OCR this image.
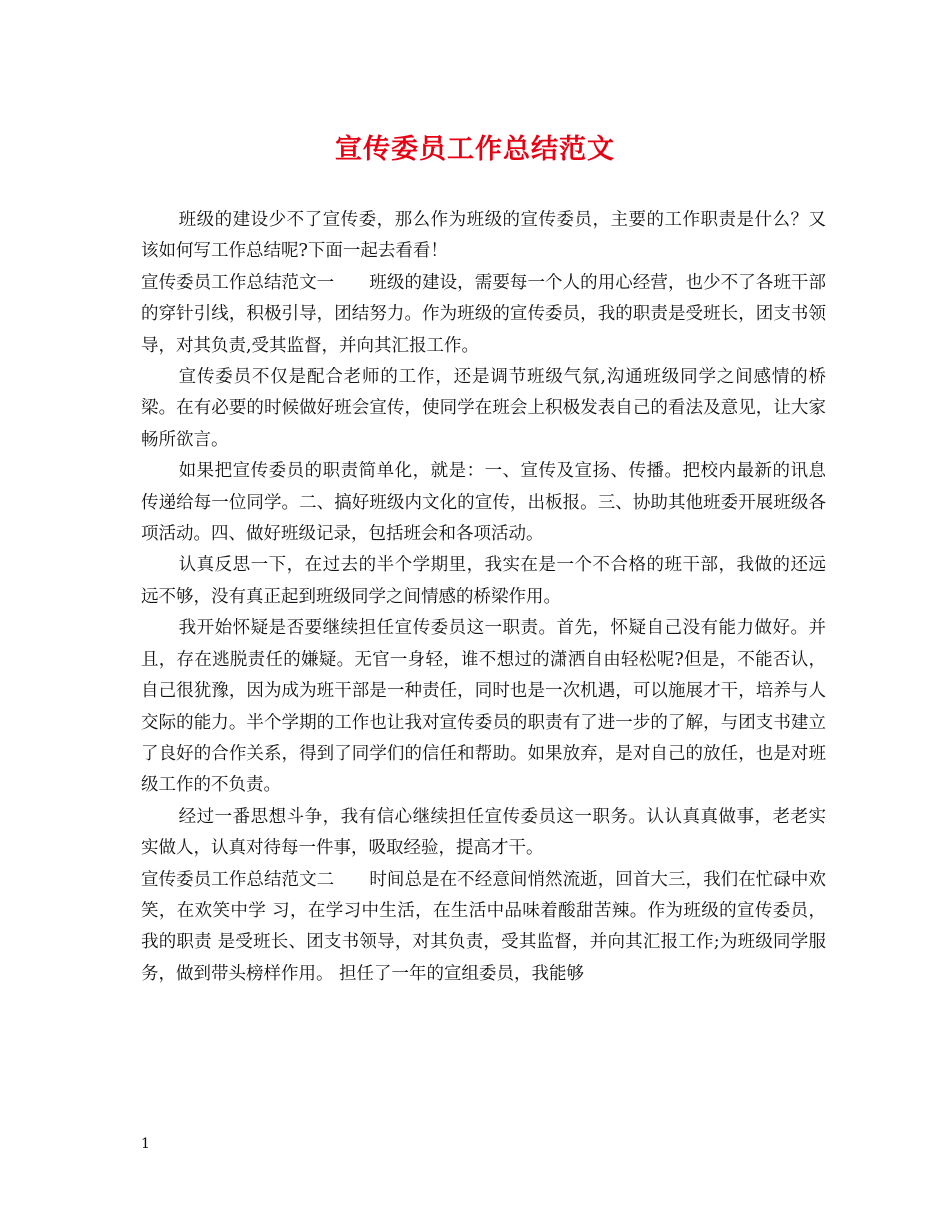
宣传委员工作总结范文

班级的建设少不了宣传委，那么作为班级的宣传委员，主要的工作职责是什么？又该如何写工作总结呢?下面一起去看看！

宣传委员工作总结范文一　　班级的建设，需要每一个人的用心经营，也少不了各班干部的穿针引线，积极引导，团结努力。作为班级的宣传委员，我的职责是受班长，团支书领导，对其负责,受其监督，并向其汇报工作。

宣传委员不仅是配合老师的工作，还是调节班级气氛,沟通班级同学之间感情的桥梁。在有必要的时候做好班会宣传，使同学在班会上积极发表自己的看法及意见，让大家畅所欲言。

如果把宣传委员的职责简单化，就是：一、宣传及宣扬、传播。把校内最新的讯息传递给每一位同学。二、搞好班级内文化的宣传，出板报。三、协助其他班委开展班级各项活动。四、做好班级记录，包括班会和各项活动。

认真反思一下，在过去的半个学期里，我实在是一个不合格的班干部，我做的还远远不够，没有真正起到班级同学之间情感的桥梁作用。

我开始怀疑是否要继续担任宣传委员这一职责。首先，怀疑自己没有能力做好。并且，存在逃脱责任的嫌疑。无官一身轻，谁不想过的潇洒自由轻松呢?但是，不能否认，自己很犹豫，因为成为班干部是一种责任，同时也是一次机遇，可以施展才干，培养与人交际的能力。半个学期的工作也让我对宣传委员的职责有了进一步的了解，与团支书建立了良好的合作关系，得到了同学们的信任和帮助。如果放弃，是对自己的放任，也是对班级工作的不负责。

经过一番思想斗争，我有信心继续担任宣传委员这一职务。认认真真做事，老老实实做人，认真对待每一件事，吸取经验，提高才干。

宣传委员工作总结范文二　　时间总是在不经意间悄然流逝，回首大三，我们在忙碌中欢笑，在欢笑中学 习，在学习中生活，在生活中品味着酸甜苦辣。作为班级的宣传委员，我的职责 是受班长、团支书领导，对其负责，受其监督，并向其汇报工作;为班级同学服 务，做到带头榜样作用。 担任了一年的宣组委员，我能够

1
